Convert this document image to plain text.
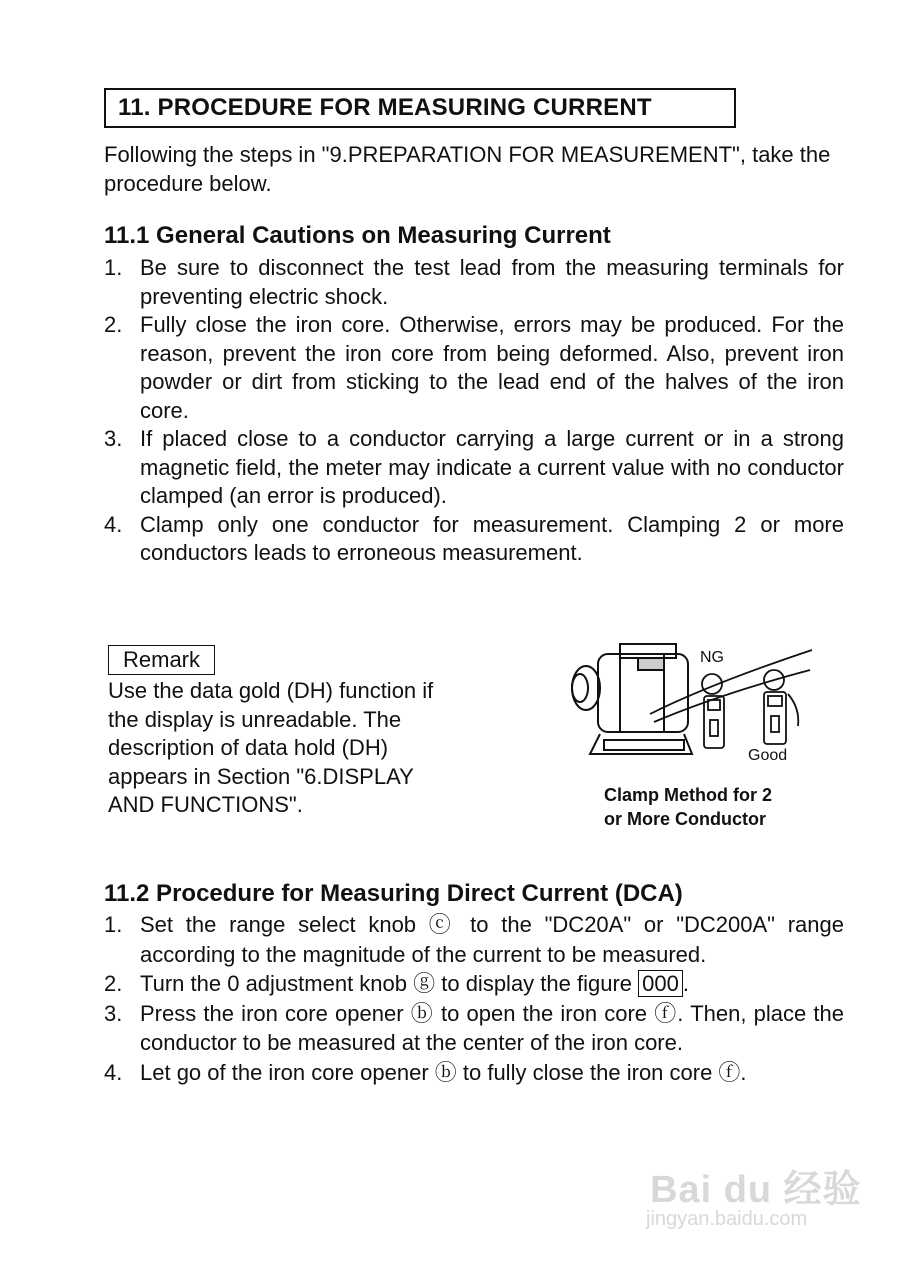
11. PROCEDURE FOR MEASURING CURRENT
Following the steps in "9.PREPARATION FOR MEASUREMENT", take the procedure below.
11.1 General Cautions on Measuring Current
1. Be sure to disconnect the test lead from the measuring terminals for preventing electric shock.
2. Fully close the iron core. Otherwise, errors may be produced. For the reason, prevent the iron core from being deformed. Also, prevent iron powder or dirt from sticking to the lead end of the halves of the iron core.
3. If placed close to a conductor carrying a large current or in a strong magnetic field, the meter may indicate a current value with no conductor clamped (an error is produced).
4. Clamp only one conductor for measurement. Clamping 2 or more conductors leads to erroneous measurement.
Remark
Use the data gold (DH) function if the display is unreadable. The description of data hold (DH) appears in Section "6.DISPLAY AND FUNCTIONS".
NG
Good
Clamp Method for 2
or More Conductor
11.2 Procedure for Measuring Direct Current (DCA)
1. Set the range select knob ⓒ to the "DC20A" or "DC200A" range according to the magnitude of the current to be measured.
2. Turn the 0 adjustment knob ⓖ to display the figure 000 .
3. Press the iron core opener ⓑ to open the iron core ⓕ. Then, place the conductor to be measured at the center of the iron core.
4. Let go of the iron core opener ⓑ to fully close the iron core ⓕ.
Bai du 经验
jingyan.baidu.com
